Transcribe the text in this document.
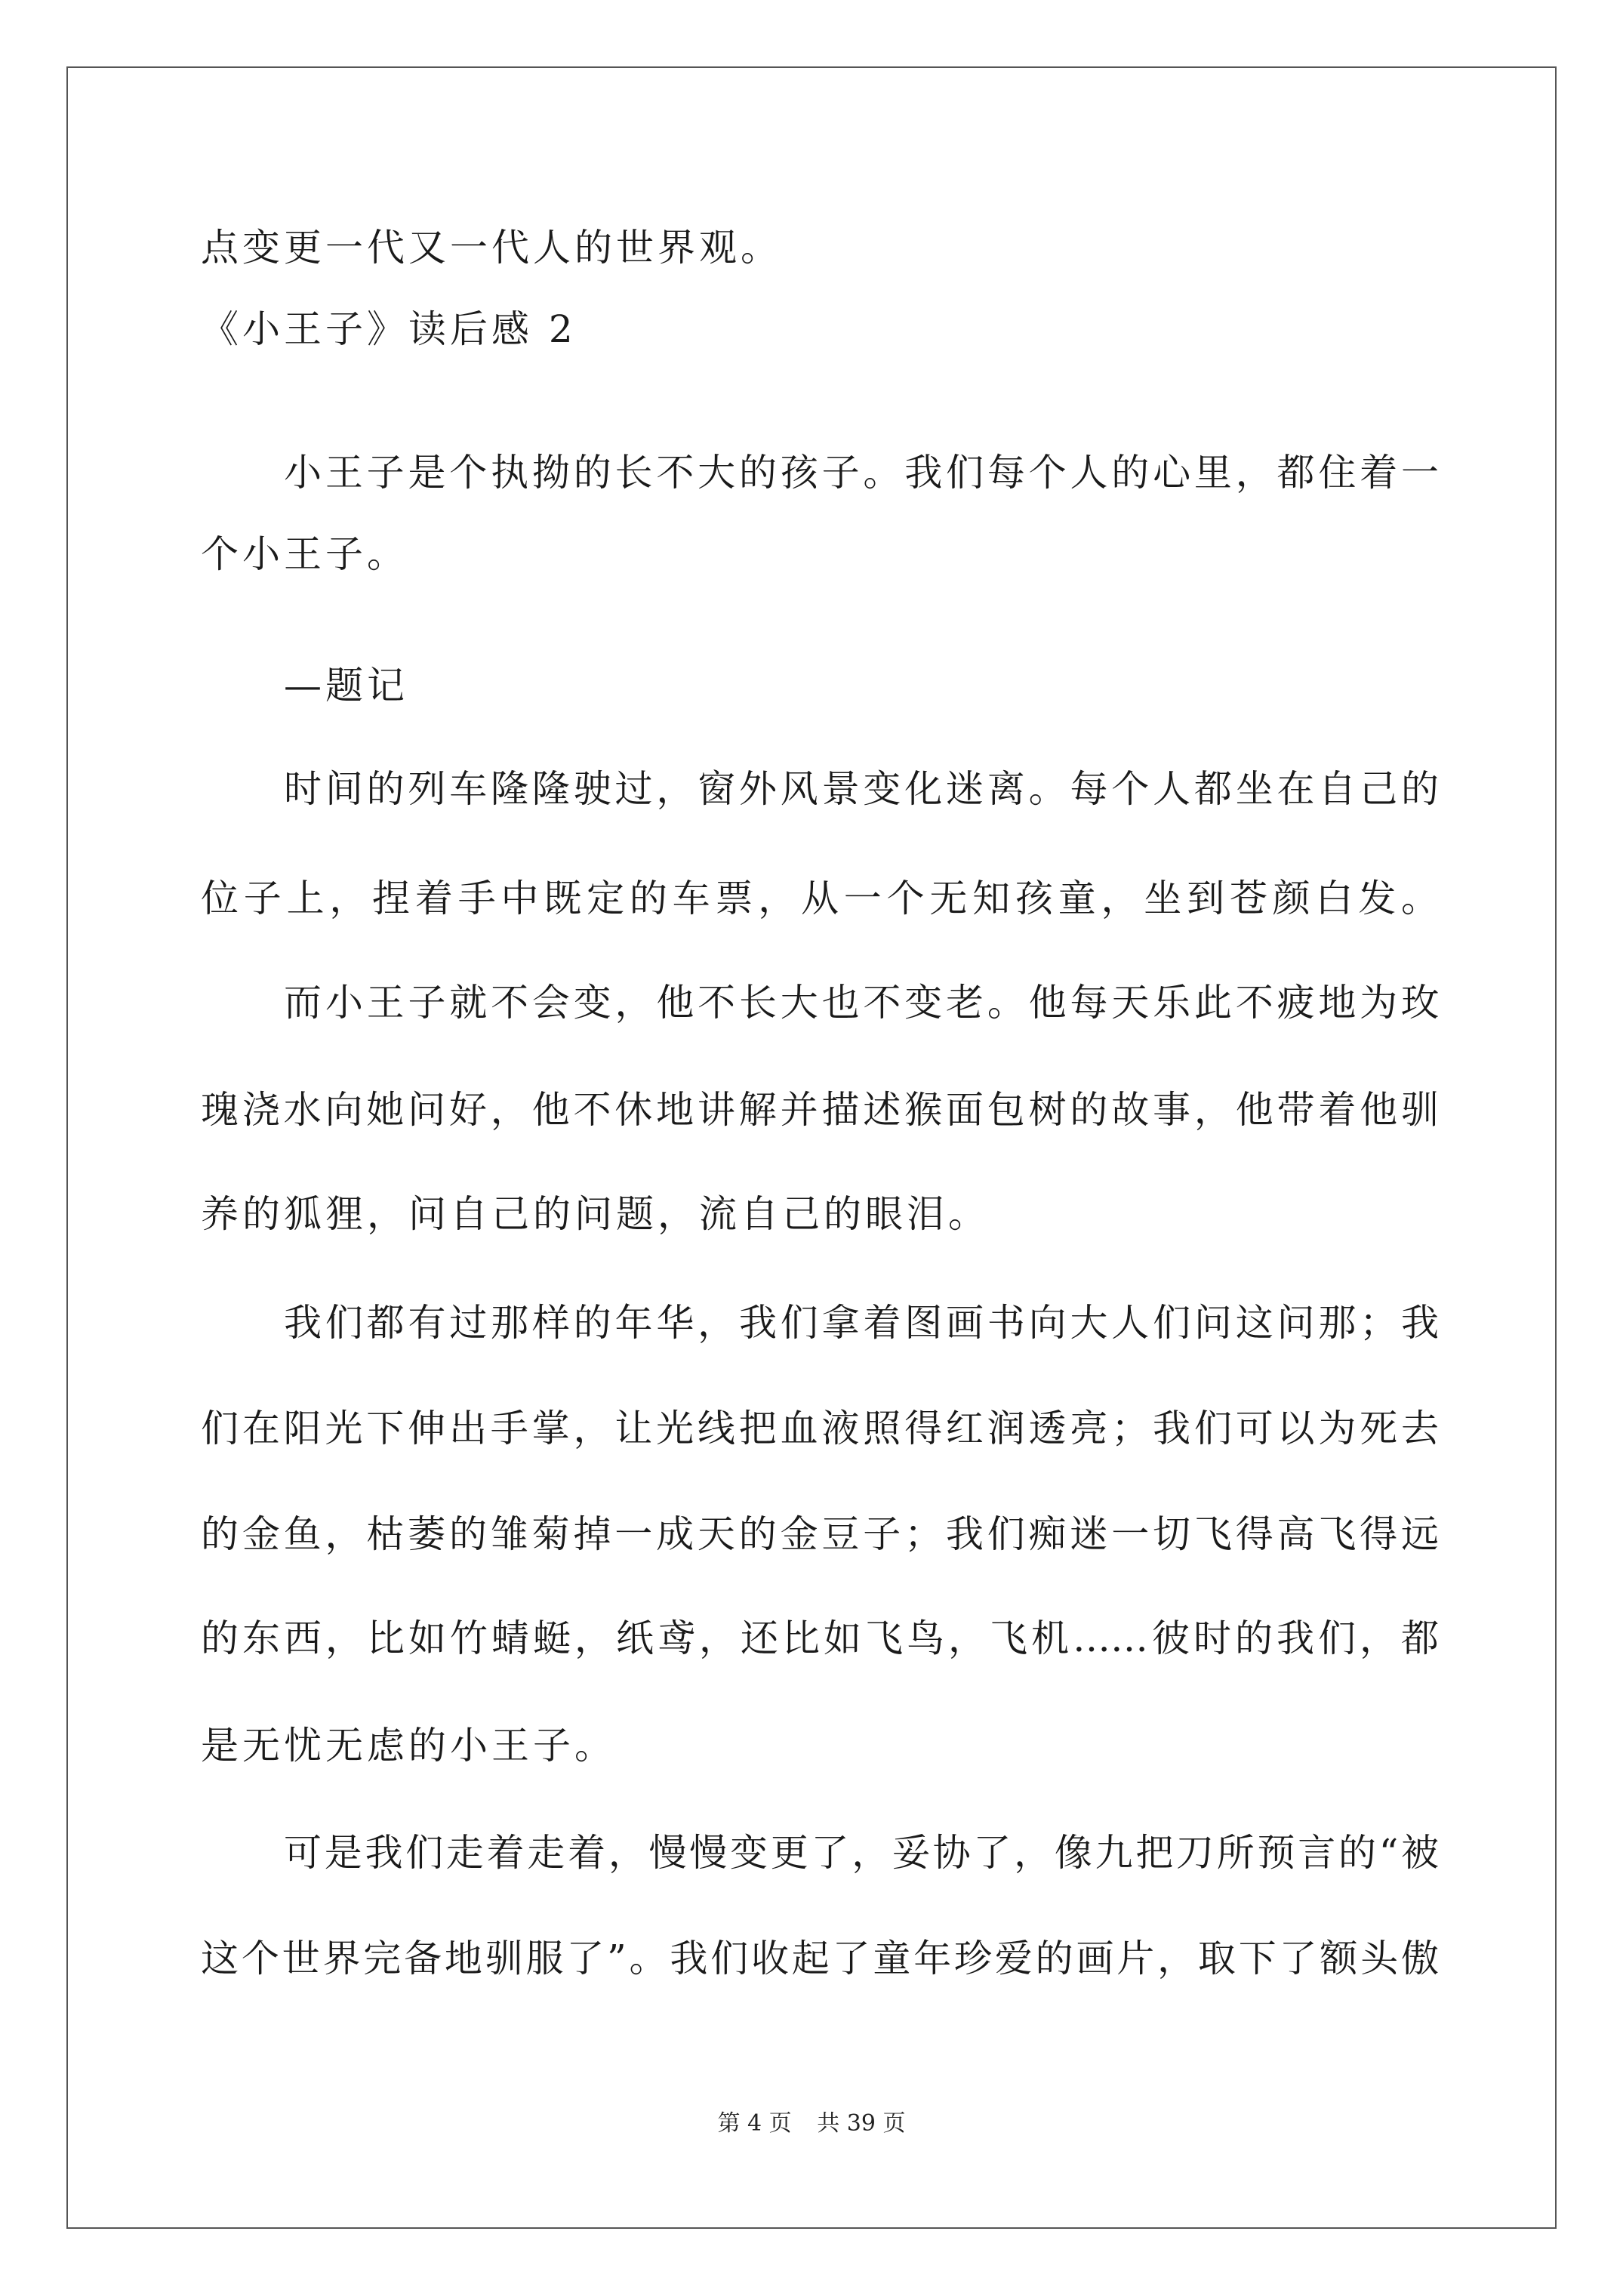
点变更一代又一代人的世界观。
《小王子》读后感 2
小王子是个执拗的长不大的孩子。我们每个人的心里，都住着一
个小王子。
—题记
时间的列车隆隆驶过，窗外风景变化迷离。每个人都坐在自己的
位子上，捏着手中既定的车票，从一个无知孩童，坐到苍颜白发。
而小王子就不会变，他不长大也不变老。他每天乐此不疲地为玫
瑰浇水向她问好，他不休地讲解并描述猴面包树的故事，他带着他驯
养的狐狸，问自己的问题，流自己的眼泪。
我们都有过那样的年华，我们拿着图画书向大人们问这问那；我
们在阳光下伸出手掌，让光线把血液照得红润透亮；我们可以为死去
的金鱼，枯萎的雏菊掉一成天的金豆子；我们痴迷一切飞得高飞得远
的东西，比如竹蜻蜓，纸鸢，还比如飞鸟，飞机……彼时的我们，都
是无忧无虑的小王子。
可是我们走着走着，慢慢变更了，妥协了，像九把刀所预言的“被
这个世界完备地驯服了”。我们收起了童年珍爱的画片，取下了额头傲
第 4 页 共 39 页
